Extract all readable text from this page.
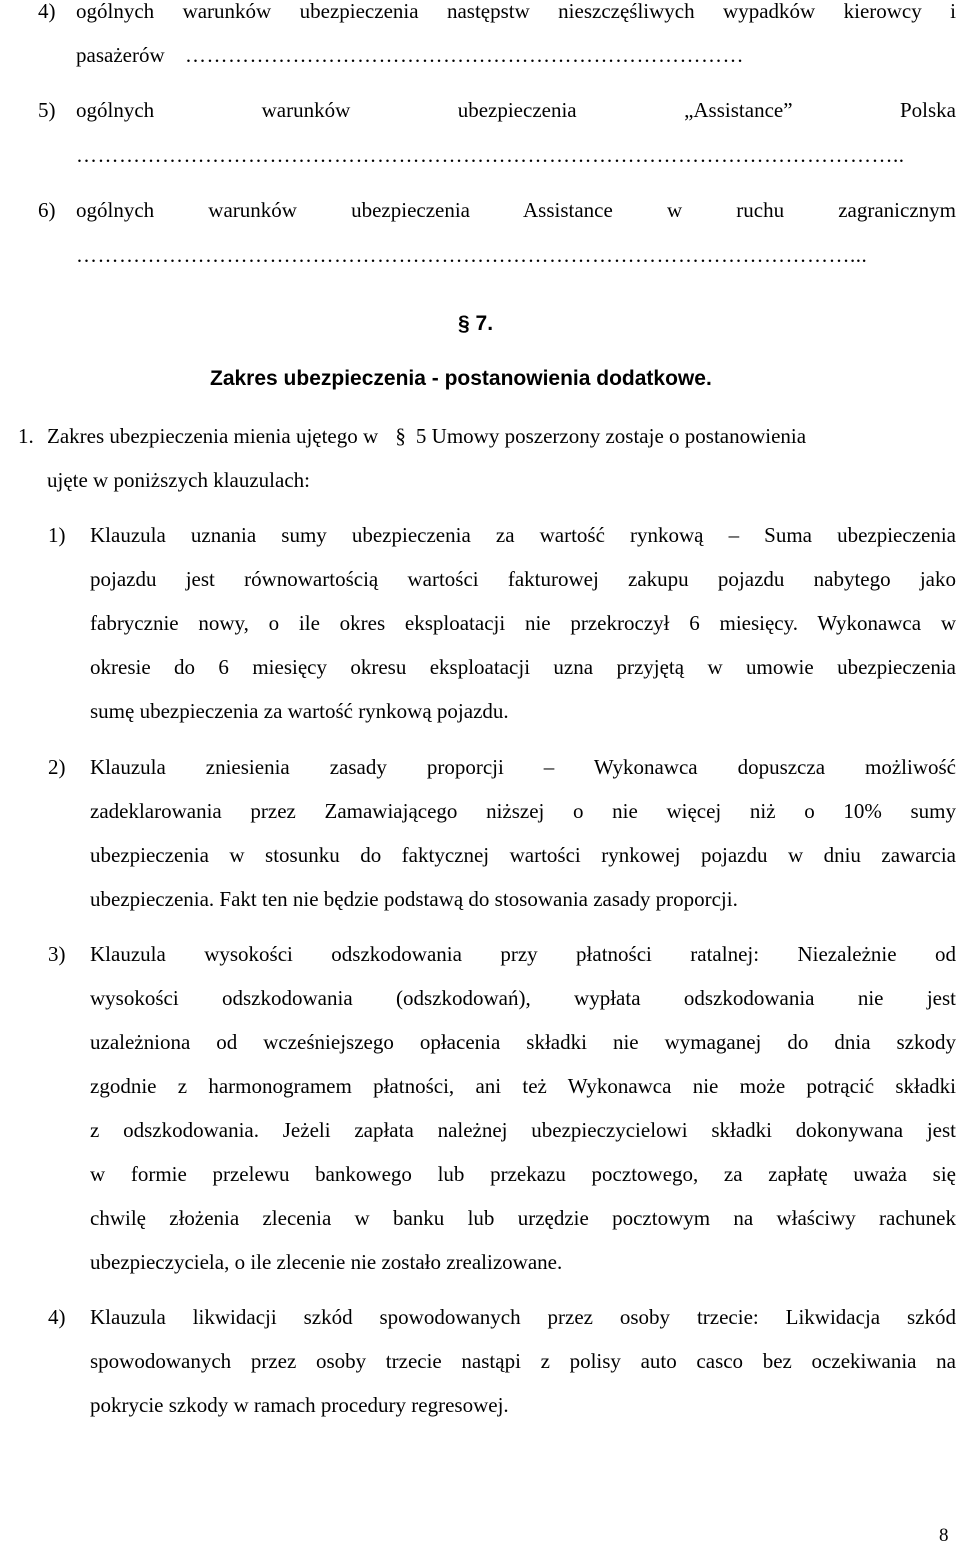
4) ogólnych warunków ubezpieczenia następstw nieszczęśliwych wypadków kierowcy i
pasażerów ……………………………………………………………………
5) ogólnych warunków ubezpieczenia „Assistance” Polska
……………………………………………………………………………………………………..
6) ogólnych warunków ubezpieczenia Assistance w ruchu zagranicznym
………………………………………………………………………………………………...
§ 7.
Zakres ubezpieczenia - postanowienia dodatkowe.
1. Zakres ubezpieczenia mienia ujętego w § 5 Umowy poszerzony zostaje o postanowienia
ujęte w poniższych klauzulach:
1) Klauzula uznania sumy ubezpieczenia za wartość rynkową – Suma ubezpieczenia
pojazdu jest równowartością wartości fakturowej zakupu pojazdu nabytego jako
fabrycznie nowy, o ile okres eksploatacji nie przekroczył 6 miesięcy. Wykonawca w
okresie do 6 miesięcy okresu eksploatacji uzna przyjętą w umowie ubezpieczenia
sumę ubezpieczenia za wartość rynkową pojazdu.
2) Klauzula zniesienia zasady proporcji – Wykonawca dopuszcza możliwość
zadeklarowania przez Zamawiającego niższej o nie więcej niż o 10% sumy
ubezpieczenia w stosunku do faktycznej wartości rynkowej pojazdu w dniu zawarcia
ubezpieczenia. Fakt ten nie będzie podstawą do stosowania zasady proporcji.
3) Klauzula wysokości odszkodowania przy płatności ratalnej: Niezależnie od
wysokości odszkodowania (odszkodowań), wypłata odszkodowania nie jest
uzależniona od wcześniejszego opłacenia składki nie wymaganej do dnia szkody
zgodnie z harmonogramem płatności, ani też Wykonawca nie może potrącić składki
z odszkodowania. Jeżeli zapłata należnej ubezpieczycielowi składki dokonywana jest
w formie przelewu bankowego lub przekazu pocztowego, za zapłatę uważa się
chwilę złożenia zlecenia w banku lub urzędzie pocztowym na właściwy rachunek
ubezpieczyciela, o ile zlecenie nie zostało zrealizowane.
4) Klauzula likwidacji szkód spowodowanych przez osoby trzecie: Likwidacja szkód
spowodowanych przez osoby trzecie nastąpi z polisy auto casco bez oczekiwania na
pokrycie szkody w ramach procedury regresowej.
8
